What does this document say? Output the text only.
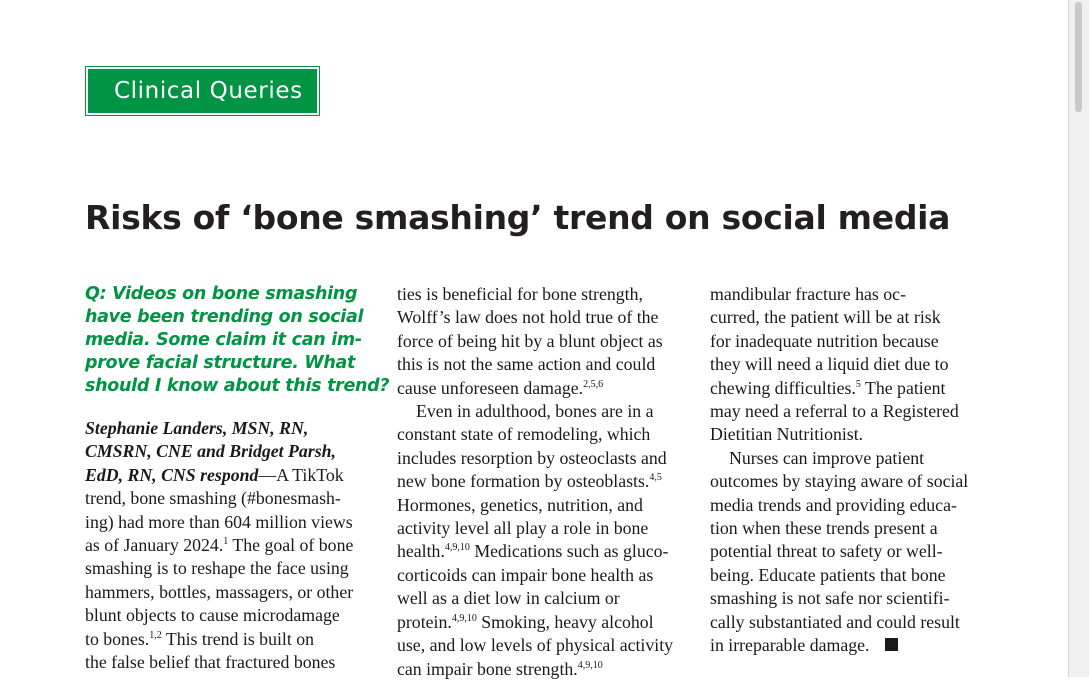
Clinical Queries
Risks of ‘bone smashing’ trend on social media
Q: Videos on bone smashing
have been trending on social
media. Some claim it can im-
prove facial structure. What
should I know about this trend?
Stephanie Landers, MSN, RN,
CMSRN, CNE and Bridget Parsh,
EdD, RN, CNS respond—A TikTok
trend, bone smashing (#bonesmash-
ing) had more than 604 million views
as of January 2024.$^1$ The goal of bone
smashing is to reshape the face using
hammers, bottles, massagers, or other
blunt objects to cause microdamage
to bones.$^{1,2}$ This trend is built on
the false belief that fractured bones
ties is beneficial for bone strength,
Wolff’s law does not hold true of the
force of being hit by a blunt object as
this is not the same action and could
cause unforeseen damage.$^{2,5,6}$
Even in adulthood, bones are in a
constant state of remodeling, which
includes resorption by osteoclasts and
new bone formation by osteoblasts.$^{4,5}$
Hormones, genetics, nutrition, and
activity level all play a role in bone
health.$^{4,9,10}$ Medications such as gluco-
corticoids can impair bone health as
well as a diet low in calcium or
protein.$^{4,9,10}$ Smoking, heavy alcohol
use, and low levels of physical activity
can impair bone strength.$^{4,9,10}$
mandibular fracture has oc-
curred, the patient will be at risk
for inadequate nutrition because
they will need a liquid diet due to
chewing difficulties.$^5$ The patient
may need a referral to a Registered
Dietitian Nutritionist.
Nurses can improve patient
outcomes by staying aware of social
media trends and providing educa-
tion when these trends present a
potential threat to safety or well-
being. Educate patients that bone
smashing is not safe nor scientifi-
cally substantiated and could result
in irreparable damage.
